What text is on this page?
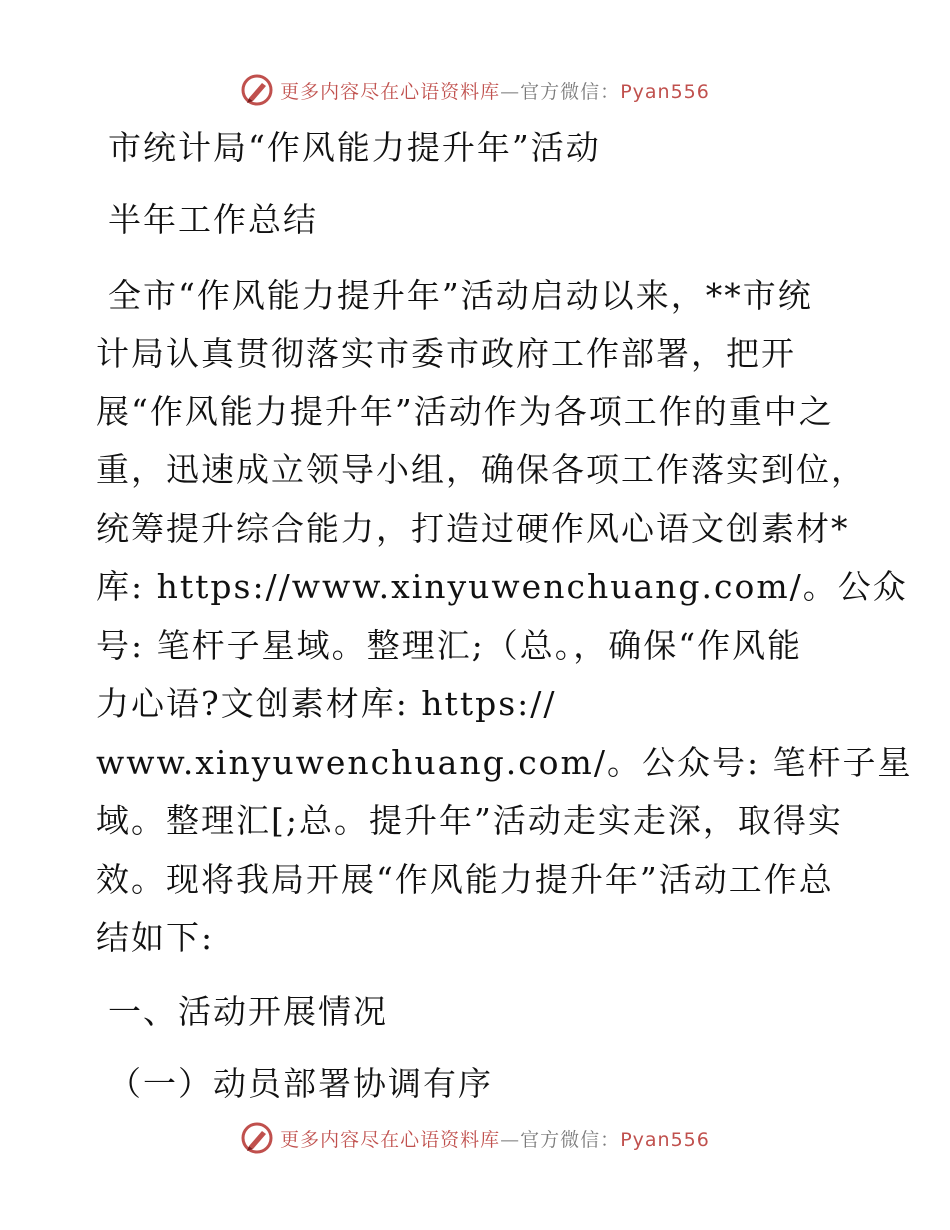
更多内容尽在心语资料库—官方微信：Pyan556
市统计局“作风能力提升年”活动
半年工作总结
全市“作风能力提升年”活动启动以来，**市统
计局认真贯彻落实市委市政府工作部署，把开
展“作风能力提升年”活动作为各项工作的重中之
重，迅速成立领导小组，确保各项工作落实到位，
统筹提升综合能力，打造过硬作风心语文创素材*
库: https://www.xinyuwenchuang.com/。公众
号: 笔杆子星域。整理汇;（总。，确保“作风能
力心语?文创素材库: https://
www.xinyuwenchuang.com/。公众号: 笔杆子星
域。整理汇[;总。提升年”活动走实走深，取得实
效。现将我局开展“作风能力提升年”活动工作总
结如下:
一、活动开展情况
（一）动员部署协调有序
更多内容尽在心语资料库—官方微信：Pyan556
